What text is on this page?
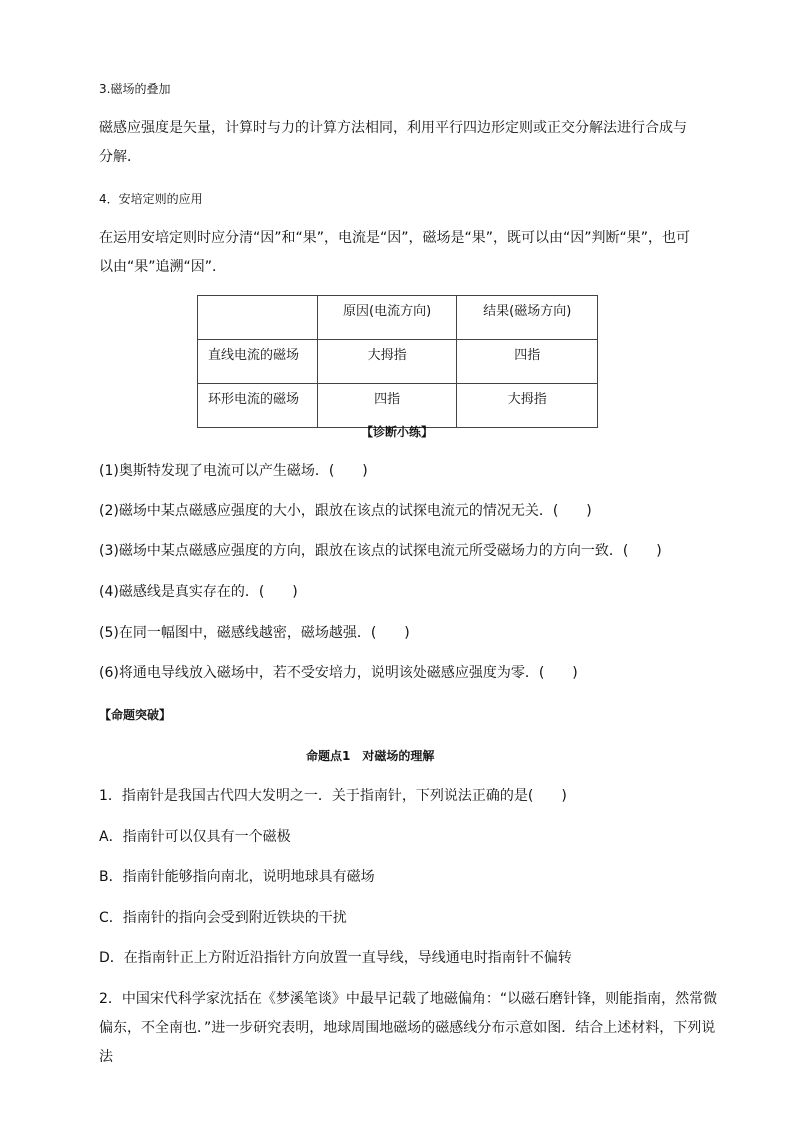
3.磁场的叠加
磁感应强度是矢量，计算时与力的计算方法相同，利用平行四边形定则或正交分解法进行合成与分解．
4．安培定则的应用
在运用安培定则时应分清“因”和“果”，电流是“因”，磁场是“果”，既可以由“因”判断“果”，也可以由“果”追溯“因”．
	原因(电流方向)	结果(磁场方向)
直线电流的磁场	大拇指	四指
环形电流的磁场	四指	大拇指
【诊断小练】
(1)奥斯特发现了电流可以产生磁场．(　　)
(2)磁场中某点磁感应强度的大小，跟放在该点的试探电流元的情况无关．(　　)
(3)磁场中某点磁感应强度的方向，跟放在该点的试探电流元所受磁场力的方向一致．(　　)
(4)磁感线是真实存在的．(　　)
(5)在同一幅图中，磁感线越密，磁场越强．(　　)
(6)将通电导线放入磁场中，若不受安培力，说明该处磁感应强度为零．(　　)
【命题突破】
命题点1　对磁场的理解
1．指南针是我国古代四大发明之一．关于指南针，下列说法正确的是(　　)
A．指南针可以仅具有一个磁极
B．指南针能够指向南北，说明地球具有磁场
C．指南针的指向会受到附近铁块的干扰
D．在指南针正上方附近沿指针方向放置一直导线，导线通电时指南针不偏转
2．中国宋代科学家沈括在《梦溪笔谈》中最早记载了地磁偏角：“以磁石磨针锋，则能指南，然常微偏东，不全南也．”进一步研究表明，地球周围地磁场的磁感线分布示意如图．结合上述材料，下列说法
